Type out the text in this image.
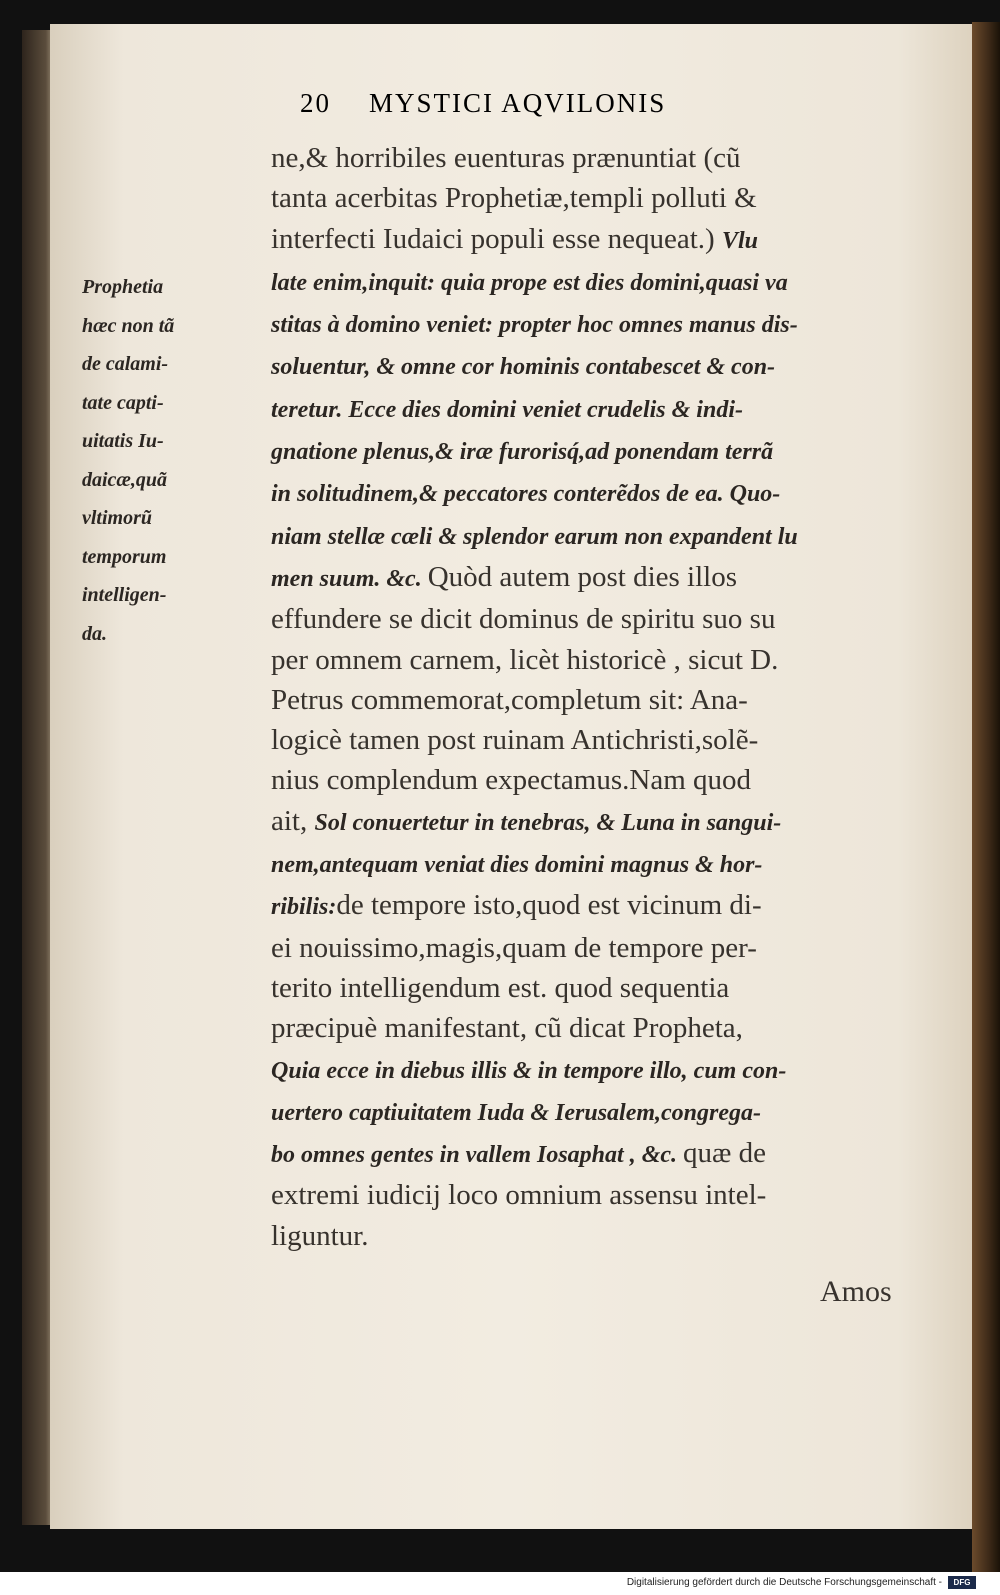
20 MYSTICI AQVILONIS
Prophetia
hæc non tã
de calami-
tate capti-
uitatis Iu-
daicæ,quã
vltimorũ
temporum
intelligen-
da.
ne,& horribiles euenturas prænuntiat (cũ
tanta acerbitas Prophetiæ,templi polluti &
interfecti Iudaici populi esse nequeat.) Vlu
late enim,inquit: quia prope est dies domini,quasi va
stitas à domino veniet: propter hoc omnes manus dis-
soluentur, & omne cor hominis contabescet & con-
teretur. Ecce dies domini veniet crudelis & indi-
gnatione plenus,& iræ furorisq́,ad ponendam terrã
in solitudinem,& peccatores conterẽdos de ea. Quo-
niam stellæ cæli & splendor earum non expandent lu
men suum. &c. Quòd autem post dies illos
effundere se dicit dominus de spiritu suo su
per omnem carnem, licèt historicè , sicut D.
Petrus commemorat,completum sit: Ana-
logicè tamen post ruinam Antichristi,solẽ-
nius complendum expectamus.Nam quod
ait, Sol conuertetur in tenebras, & Luna in sangui-
nem,antequam veniat dies domini magnus & hor-
ribilis:de tempore isto,quod est vicinum di-
ei nouissimo,magis,quam de tempore per-
terito intelligendum est. quod sequentia
præcipuè manifestant, cũ dicat Propheta,
Quia ecce in diebus illis & in tempore illo, cum con-
uertero captiuitatem Iuda & Ierusalem,congrega-
bo omnes gentes in vallem Iosaphat , &c. quæ de
extremi iudicij loco omnium assensu intel-
liguntur.
Amos
Digitalisierung gefördert durch die Deutsche Forschungsgemeinschaft -	DFG
